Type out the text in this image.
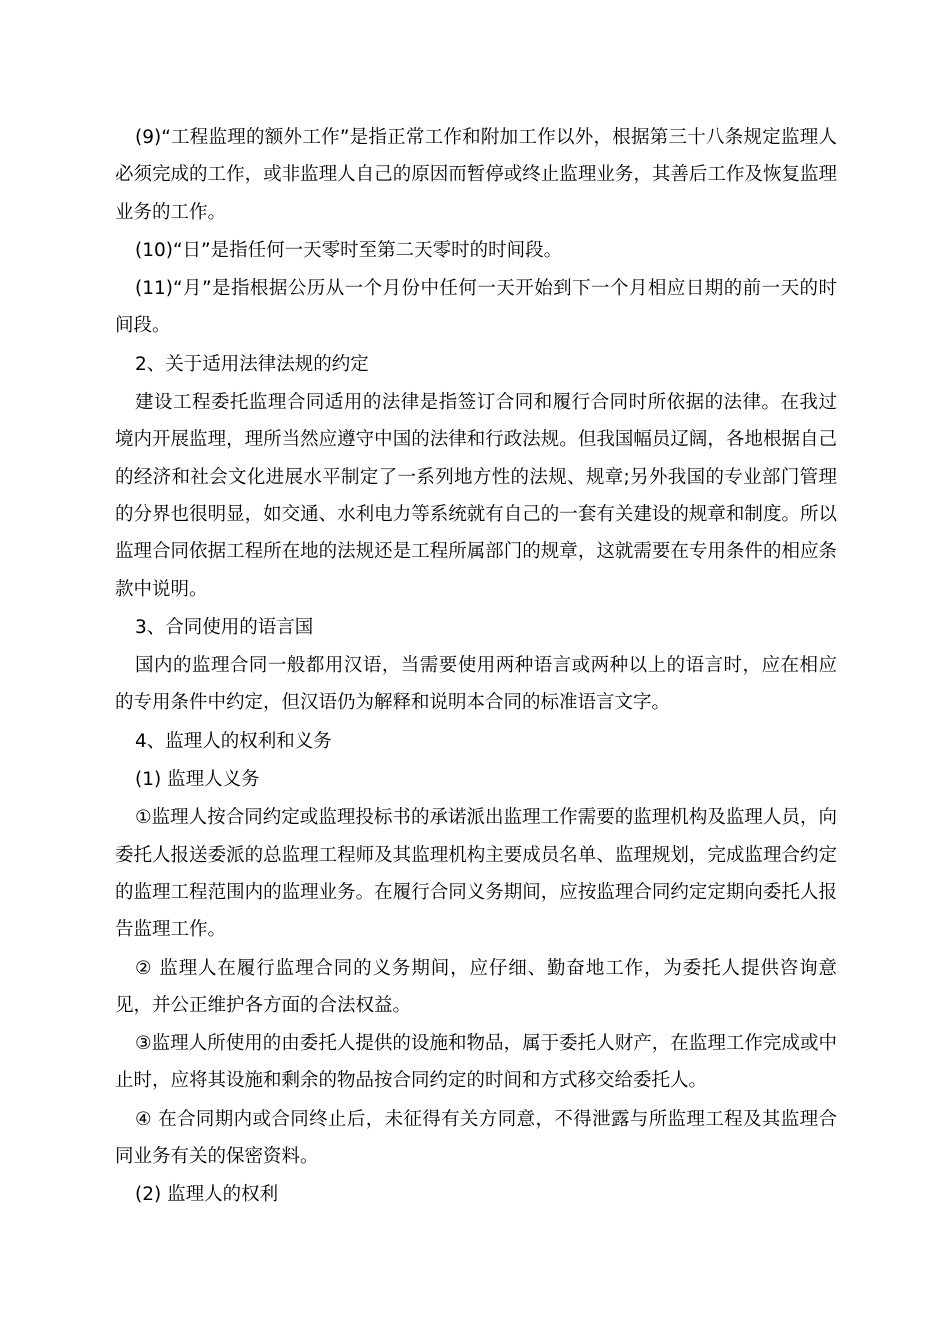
(9)“工程监理的额外工作”是指正常工作和附加工作以外，根据第三十八条规定监理人必须完成的工作，或非监理人自己的原因而暂停或终止监理业务，其善后工作及恢复监理业务的工作。

(10)“日”是指任何一天零时至第二天零时的时间段。

(11)“月”是指根据公历从一个月份中任何一天开始到下一个月相应日期的前一天的时间段。

2、关于适用法律法规的约定

建设工程委托监理合同适用的法律是指签订合同和履行合同时所依据的法律。在我过境内开展监理，理所当然应遵守中国的法律和行政法规。但我国幅员辽阔，各地根据自己的经济和社会文化进展水平制定了一系列地方性的法规、规章;另外我国的专业部门管理的分界也很明显，如交通、水利电力等系统就有自己的一套有关建设的规章和制度。所以监理合同依据工程所在地的法规还是工程所属部门的规章，这就需要在专用条件的相应条款中说明。

3、合同使用的语言国

国内的监理合同一般都用汉语，当需要使用两种语言或两种以上的语言时，应在相应的专用条件中约定，但汉语仍为解释和说明本合同的标准语言文字。

4、监理人的权利和义务

(1) 监理人义务

①监理人按合同约定或监理投标书的承诺派出监理工作需要的监理机构及监理人员，向委托人报送委派的总监理工程师及其监理机构主要成员名单、监理规划，完成监理合约定的监理工程范围内的监理业务。在履行合同义务期间，应按监理合同约定定期向委托人报告监理工作。

② 监理人在履行监理合同的义务期间，应仔细、勤奋地工作，为委托人提供咨询意见，并公正维护各方面的合法权益。

③监理人所使用的由委托人提供的设施和物品，属于委托人财产，在监理工作完成或中止时，应将其设施和剩余的物品按合同约定的时间和方式移交给委托人。

④ 在合同期内或合同终止后，未征得有关方同意，不得泄露与所监理工程及其监理合同业务有关的保密资料。

(2) 监理人的权利
